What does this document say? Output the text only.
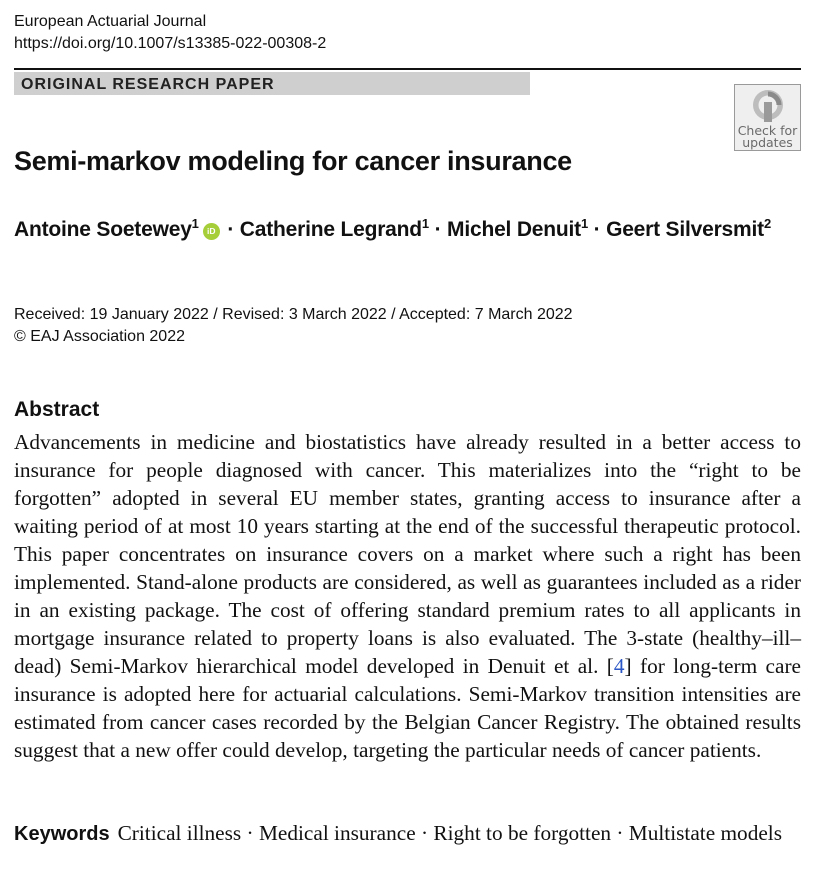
European Actuarial Journal
https://doi.org/10.1007/s13385-022-00308-2
ORIGINAL RESEARCH PAPER
Check for
updates
Semi-markov modeling for cancer insurance
Antoine Soetewey$^1$ iD · Catherine Legrand$^1$ · Michel Denuit$^1$ · Geert Silversmit$^2$
Received: 19 January 2022 / Revised: 3 March 2022 / Accepted: 7 March 2022
© EAJ Association 2022
Abstract
Advancements in medicine and biostatistics have already resulted in a better access to insurance for people diagnosed with cancer. This materializes into the “right to be forgotten” adopted in several EU member states, granting access to insurance after a waiting period of at most 10 years starting at the end of the successful therapeutic protocol. This paper concentrates on insurance covers on a market where such a right has been implemented. Stand-alone products are considered, as well as guarantees included as a rider in an existing package. The cost of offering standard premium rates to all applicants in mortgage insurance related to property loans is also evaluated. The 3-state (healthy–ill–dead) Semi-Markov hierarchical model developed in Denuit et al. [4] for long-term care insurance is adopted here for actuarial calculations. Semi-Markov transition intensities are estimated from cancer cases recorded by the Belgian Cancer Registry. The obtained results suggest that a new offer could develop, targeting the particular needs of cancer patients.
Keywords Critical illness · Medical insurance · Right to be forgotten · Multistate models
